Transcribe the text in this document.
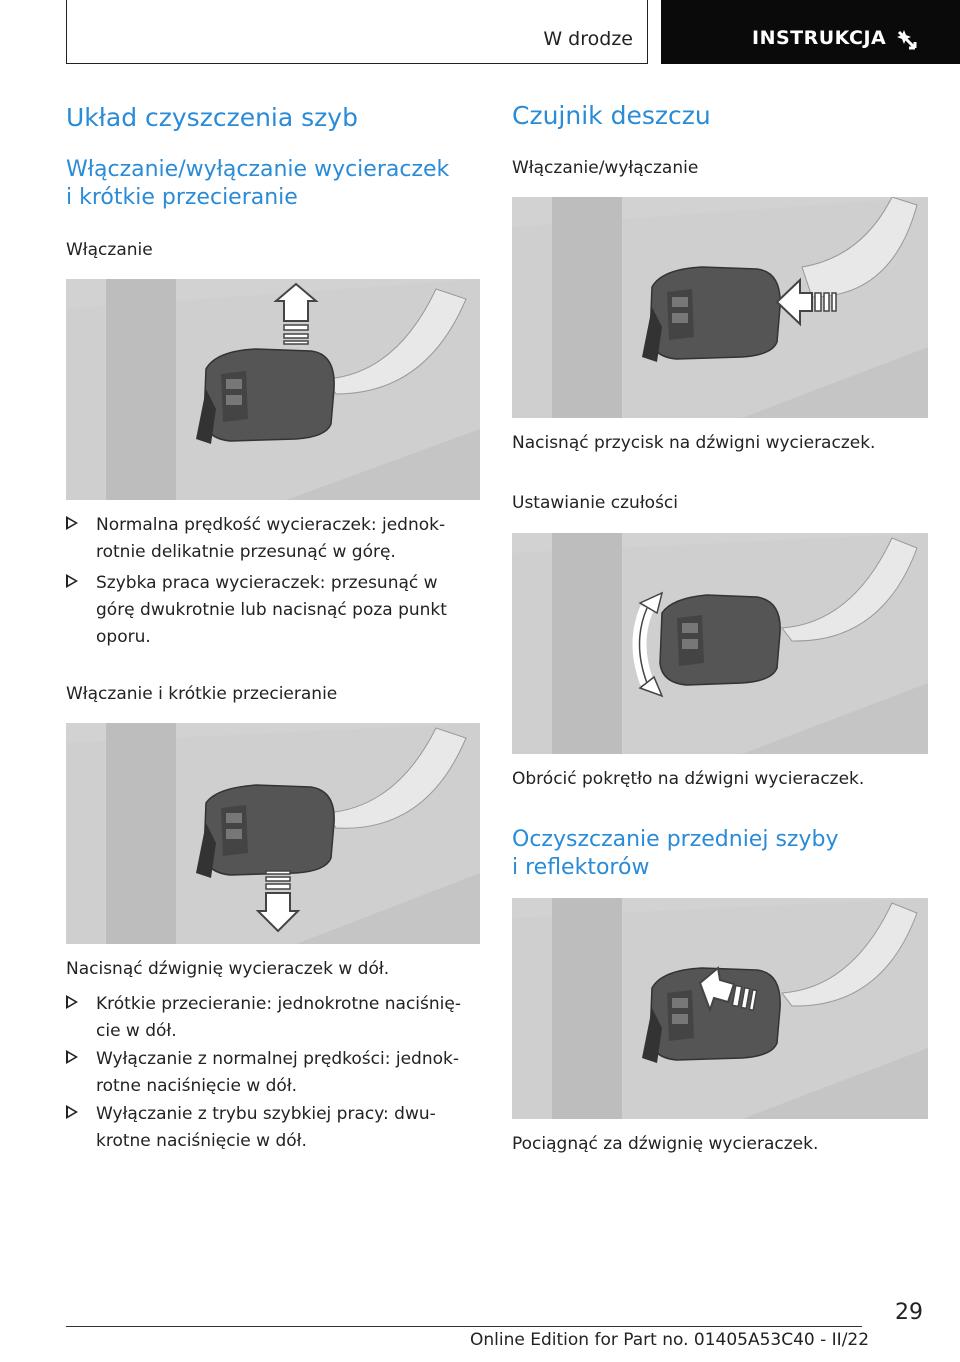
W drodze	INSTRUKCJA
Układ czyszczenia szyb
Włączanie/wyłączanie wycieraczek
i krótkie przecieranie
Włączanie
Normalna prędkość wycieraczek: jednok-
rotnie delikatnie przesunąć w górę.
Szybka praca wycieraczek: przesunąć w
górę dwukrotnie lub nacisnąć poza punkt
oporu.
Włączanie i krótkie przecieranie

Nacisnąć dźwignię wycieraczek w dół.

Krótkie przecieranie: jednokrotne naciśnię-
cie w dół.
Wyłączanie z normalnej prędkości: jednok-
rotne naciśnięcie w dół.
Wyłączanie z trybu szybkiej pracy: dwu-
krotne naciśnięcie w dół.
Czujnik deszczu
Włączanie/wyłączanie

Nacisnąć przycisk na dźwigni wycieraczek.

Ustawianie czułości

Obrócić pokrętło na dźwigni wycieraczek.

Oczyszczanie przedniej szyby
i reflektorów

Pociągnąć za dźwignię wycieraczek.

29
Online Edition for Part no. 01405A53C40 - II/22
